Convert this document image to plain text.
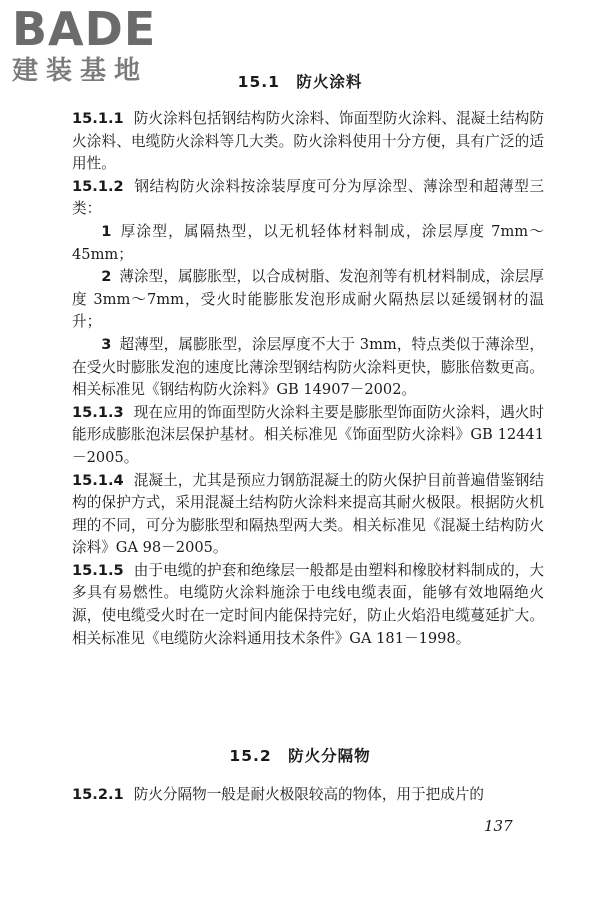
BADE
建装基地	15.1 防火涂料

15.1.1 防火涂料包括钢结构防火涂料、饰面型防火涂料、混凝土结构防火涂料、电缆防火涂料等几大类。防火涂料使用十分方便，具有广泛的适用性。

15.1.2 钢结构防火涂料按涂装厚度可分为厚涂型、薄涂型和超薄型三类：

1 厚涂型，属隔热型，以无机轻体材料制成，涂层厚度 7mm～45mm；

2 薄涂型，属膨胀型，以合成树脂、发泡剂等有机材料制成，涂层厚度 3mm～7mm，受火时能膨胀发泡形成耐火隔热层以延缓钢材的温升；

3 超薄型，属膨胀型，涂层厚度不大于 3mm，特点类似于薄涂型，在受火时膨胀发泡的速度比薄涂型钢结构防火涂料更快，膨胀倍数更高。相关标准见《钢结构防火涂料》GB 14907－2002。

15.1.3 现在应用的饰面型防火涂料主要是膨胀型饰面防火涂料，遇火时能形成膨胀泡沫层保护基材。相关标准见《饰面型防火涂料》GB 12441－2005。

15.1.4 混凝土，尤其是预应力钢筋混凝土的防火保护目前普遍借鉴钢结构的保护方式，采用混凝土结构防火涂料来提高其耐火极限。根据防火机理的不同，可分为膨胀型和隔热型两大类。相关标准见《混凝土结构防火涂料》GA 98－2005。

15.1.5 由于电缆的护套和绝缘层一般都是由塑料和橡胶材料制成的，大多具有易燃性。电缆防火涂料施涂于电线电缆表面，能够有效地隔绝火源，使电缆受火时在一定时间内能保持完好，防止火焰沿电缆蔓延扩大。相关标准见《电缆防火涂料通用技术条件》GA 181－1998。

15.2 防火分隔物

15.2.1 防火分隔物一般是耐火极限较高的物体，用于把成片的

137
